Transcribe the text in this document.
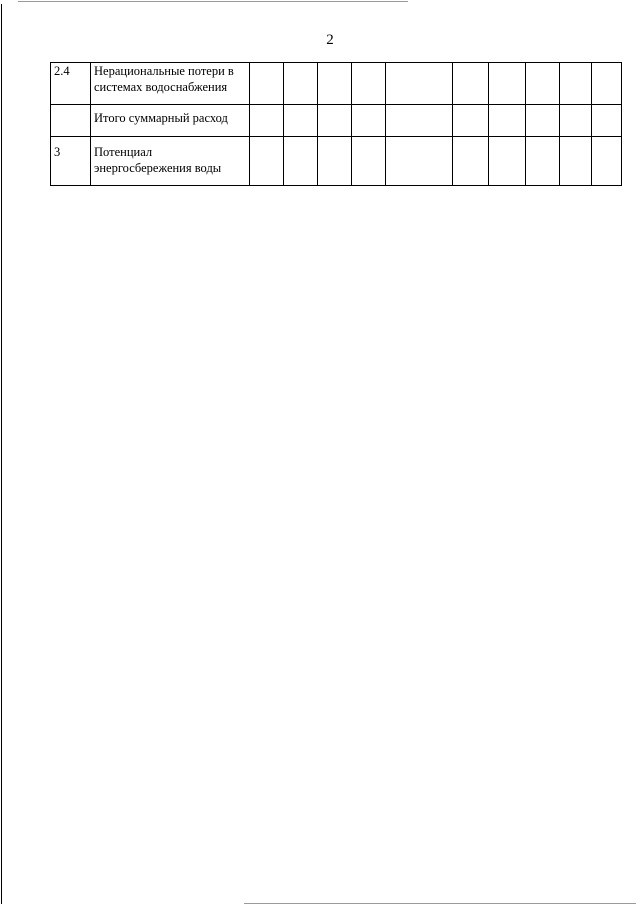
2
2.4	Нерациональные потери в системах водоснабжения										
	Итого суммарный расход										
3	Потенциал энергосбережения воды										
